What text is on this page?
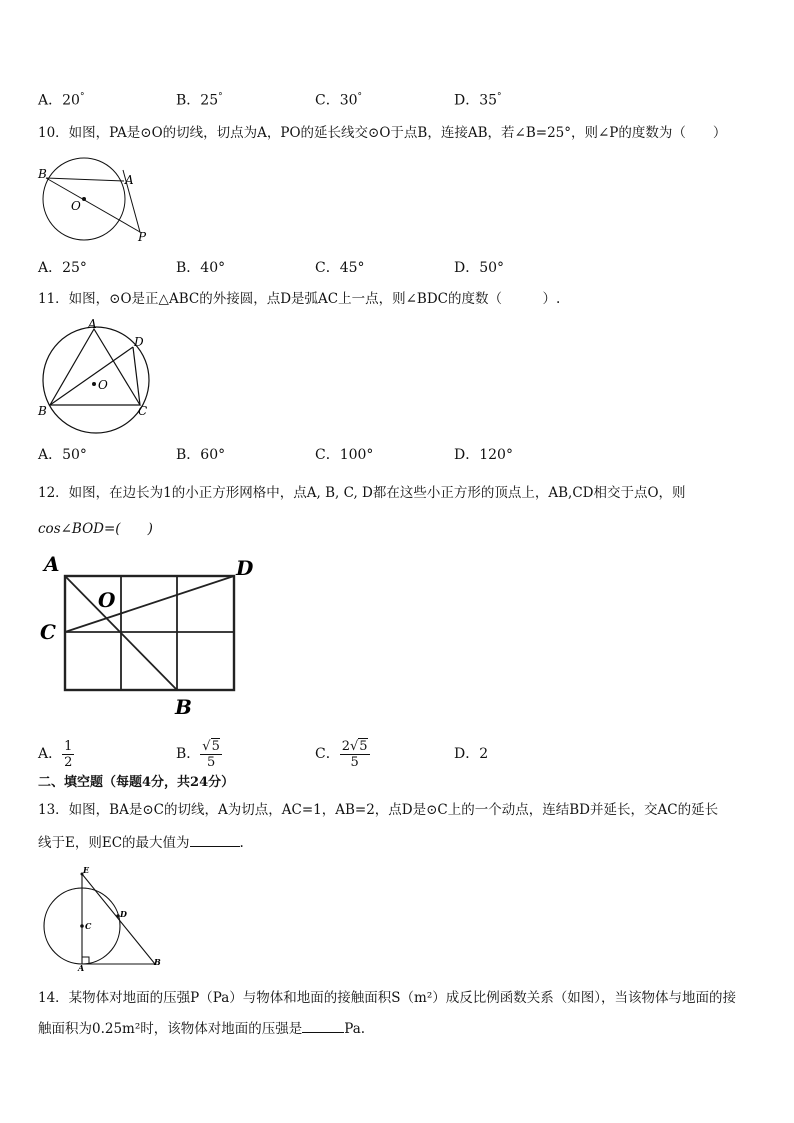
A．20°	B．25°	C．30°	D．35°
10．如图，PA是⊙O的切线，切点为A，PO的延长线交⊙O于点B，连接AB，若∠B=25°，则∠P的度数为（　　）
B	A
O
P
A．25°	B．40°	C．45°	D．50°
11．如图，⊙O是正△ABC的外接圆，点D是弧AC上一点，则∠BDC的度数（　　　）.
A
D
O
B	C
A．50°	B．60°	C．100°	D．120°
12．如图，在边长为1的小正方形网格中，点A, B, C, D都在这些小正方形的顶点上，AB,CD相交于点O，则
cos∠BOD=(　　)
A	D
O
C
B
A． $\frac{1}{2}$	B． $\frac{√5}{5}$	C． $\frac{2√5}{5}$	D．2
二、填空题（每题4分，共24分）
13．如图，BA是⊙C的切线，A为切点，AC=1，AB=2，点D是⊙C上的一个动点，连结BD并延长，交AC的延长
线于E，则EC的最大值为	.
E
C
D
A
B
14．某物体对地面的压强P（Pa）与物体和地面的接触面积S（m²）成反比例函数关系（如图），当该物体与地面的接
触面积为0.25m²时，该物体对地面的压强是	Pa.
